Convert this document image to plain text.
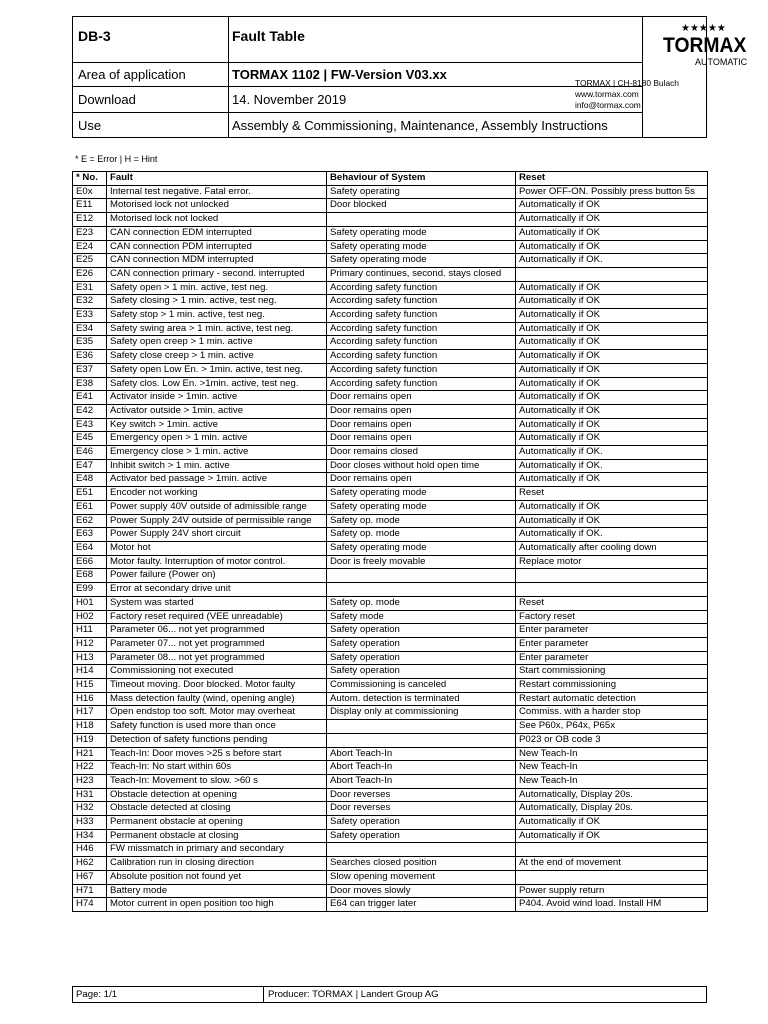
DB-3	Fault Table
Area of application	TORMAX 1102 | FW-Version V03.xx
Download	14. November 2019
Use	Assembly & Commissioning, Maintenance, Assembly Instructions
★★★★★
TORMAX
AUTOMATIC
TORMAX | CH-8180 Bulach
www.tormax.com
info@tormax.com
* E = Error | H = Hint
* No.	Fault	Behaviour of System	Reset
E0x	Internal test negative. Fatal error.	Safety operating	Power OFF-ON. Possibly press button 5s
E11	Motorised lock not unlocked	Door blocked	Automatically if OK
E12	Motorised lock not locked		Automatically if OK
E23	CAN connection EDM interrupted	Safety operating mode	Automatically if OK
E24	CAN connection PDM interrupted	Safety operating mode	Automatically if OK
E25	CAN connection MDM interrupted	Safety operating mode	Automatically if OK.
E26	CAN connection primary - second. interrupted	Primary continues, second. stays closed	
E31	Safety open > 1 min. active, test neg.	According safety function	Automatically if OK
E32	Safety closing > 1 min. active, test neg.	According safety function	Automatically if OK
E33	Safety stop > 1 min. active, test neg.	According safety function	Automatically if OK
E34	Safety swing area > 1 min. active, test neg.	According safety function	Automatically if OK
E35	Safety open creep > 1 min. active	According safety function	Automatically if OK
E36	Safety close creep > 1 min. active	According safety function	Automatically if OK
E37	Safety open Low En. > 1min. active, test neg.	According safety function	Automatically if OK
E38	Safety clos. Low En. >1min. active, test neg.	According safety function	Automatically if OK
E41	Activator inside > 1min. active	Door remains open	Automatically if OK
E42	Activator outside > 1min. active	Door remains open	Automatically if OK
E43	Key switch > 1min. active	Door remains open	Automatically if OK
E45	Emergency open > 1 min. active	Door remains open	Automatically if OK
E46	Emergency close > 1 min. active	Door remains closed	Automatically if OK.
E47	Inhibit switch > 1 min. active	Door closes without hold open time	Automatically if OK.
E48	Activator bed passage > 1min. active	Door remains open	Automatically if OK
E51	Encoder not working	Safety operating mode	Reset
E61	Power supply 40V outside of admissible range	Safety operating mode	Automatically if OK
E62	Power Supply 24V outside of permissible range	Safety op. mode	Automatically if OK
E63	Power Supply 24V short circuit	Safety op. mode	Automatically if OK.
E64	Motor hot	Safety operating mode	Automatically after cooling down
E66	Motor faulty. Interruption of motor control.	Door is freely movable	Replace motor
E68	Power failure (Power on)		
E99	Error at secondary drive unit		
H01	System was started	Safety op. mode	Reset
H02	Factory reset required (VEE unreadable)	Safety mode	Factory reset
H11	Parameter 06... not yet programmed	Safety operation	Enter parameter
H12	Parameter 07... not yet programmed	Safety operation	Enter parameter
H13	Parameter 08... not yet programmed	Safety operation	Enter parameter
H14	Commissioning not executed	Safety operation	Start commissioning
H15	Timeout moving. Door blocked. Motor faulty	Commissioning is canceled	Restart commissioning
H16	Mass detection faulty (wind, opening angle)	Autom. detection is terminated	Restart automatic detection
H17	Open endstop too soft. Motor may overheat	Display only at commissioning	Commiss. with a harder stop
H18	Safety function is used more than once		See P60x, P64x, P65x
H19	Detection of safety functions pending		P023 or OB code 3
H21	Teach-In: Door moves >25 s before start	Abort Teach-In	New Teach-In
H22	Teach-In: No start within 60s	Abort Teach-In	New Teach-In
H23	Teach-In: Movement to slow. >60 s	Abort Teach-In	New Teach-In
H31	Obstacle detection at opening	Door reverses	Automatically, Display 20s.
H32	Obstacle detected at closing	Door reverses	Automatically, Display 20s.
H33	Permanent obstacle at opening	Safety operation	Automatically if OK
H34	Permanent obstacle at closing	Safety operation	Automatically if OK
H46	FW missmatch in primary and secondary		
H62	Calibration run in closing direction	Searches closed position	At the end of movement
H67	Absolute position not found yet	Slow opening movement	
H71	Battery mode	Door moves slowly	Power supply return
H74	Motor current in open position too high	E64 can trigger later	P404. Avoid wind load. Install HM
Page: 1/1	Producer: TORMAX | Landert Group AG
